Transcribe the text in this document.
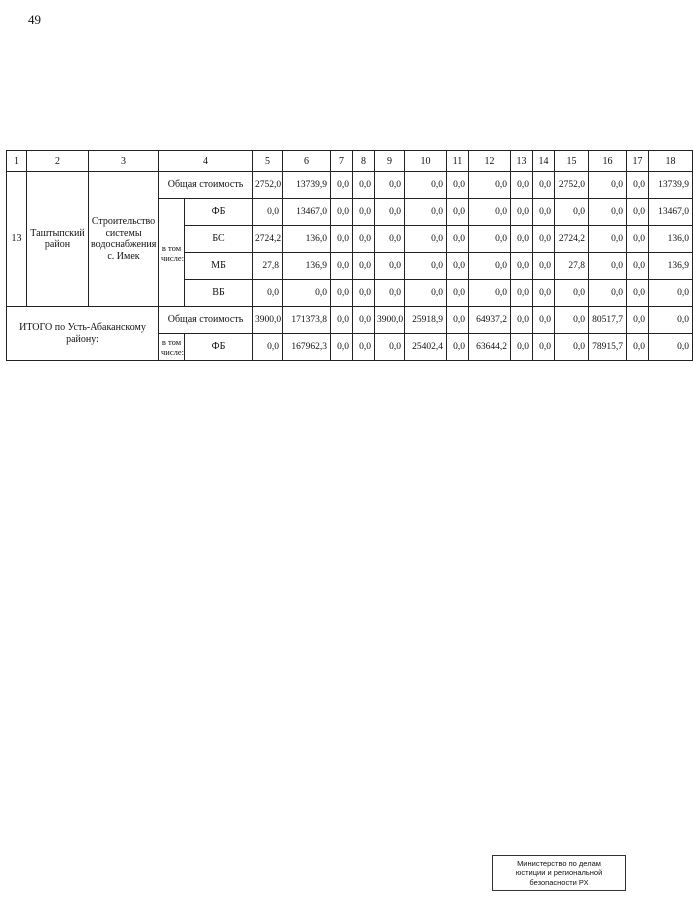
49
1	2	3	4		5	6	7	8	9	10	11	12	13	14	15	16	17	18
13	Таштыпский район	Строительство системы водоснабжения с. Имек	Общая стоимость		2752,0	13739,9	0,0	0,0	0,0	0,0	0,0	0,0	0,0	0,0	2752,0	0,0	0,0	13739,9
			в том числе:	ФБ	0,0	13467,0	0,0	0,0	0,0	0,0	0,0	0,0	0,0	0,0	0,0	0,0	0,0	13467,0
				БС	2724,2	136,0	0,0	0,0	0,0	0,0	0,0	0,0	0,0	0,0	2724,2	0,0	0,0	136,0
				МБ	27,8	136,9	0,0	0,0	0,0	0,0	0,0	0,0	0,0	0,0	27,8	0,0	0,0	136,9
				ВБ	0,0	0,0	0,0	0,0	0,0	0,0	0,0	0,0	0,0	0,0	0,0	0,0	0,0	0,0
ИТОГО по Усть-Абаканскому району:			Общая стоимость		3900,0	171373,8	0,0	0,0	3900,0	25918,9	0,0	64937,2	0,0	0,0	0,0	80517,7	0,0	0,0
			в том числе:	ФБ	0,0	167962,3	0,0	0,0	0,0	25402,4	0,0	63644,2	0,0	0,0	0,0	78915,7	0,0	0,0
Министерство по делам
юстиции и региональной
безопасности РХ
